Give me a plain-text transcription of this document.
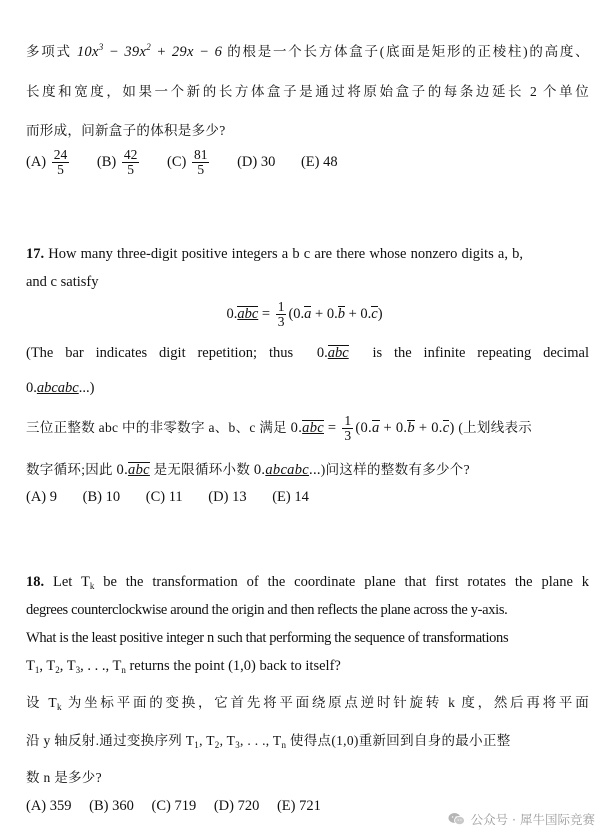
多项式 $10x^3 - 39x^2 + 29x - 6$ 的根是一个长方体盒子(底面是矩形的正棱柱)的高度、
长度和宽度，如果一个新的长方体盒子是通过将原始盒子的每条边延长 2 个单位
而形成，问新盒子的体积是多少?
$(A) \frac{24}{5} (B) \frac{42}{5} (C) \frac{81}{5} (D)$ 30 (E) 48
17. How many three-digit positive integers a b c are there whose nonzero digits a, b,
and c satisfy
$0.abc = \frac{1}{3} (0.a + 0.b + 0.c)$
(The bar indicates digit repetition; thus  0.abc is the infinite repeating decimal
0.abcabc...)
三位正整数 abc 中的非零数字 a、b、c 满足 $0.abc = \frac{1}{3} (0.a + 0.b + 0.c)$ (上划线表示
数字循环;因此 0.abc 是无限循环小数 0.abcabc...)问这样的整数有多少个?
(A) 9 (B) 10 (C) 11 (D) 13 (E) 14
18. Let $T_k$ be the transformation of the coordinate plane that first rotates the plane k
degrees counterclockwise around the origin and then reflects the plane across the y-axis.
What is the least positive integer n such that performing the sequence of transformations
$T_1$, $T_2$, $T_3$, . . ., $T_n$ returns the point (1,0) back to itself?
设 $T_k$ 为坐标平面的变换，它首先将平面绕原点逆时针旋转 k 度，然后再将平面
沿 y 轴反射.通过变换序列 $T_1$, $T_2$, $T_3$, . . ., $T_n$ 使得点(1,0)重新回到自身的最小正整
数 n 是多少?
(A) 359 (B) 360 (C) 719 (D) 720 (E) 721
公众号 · 犀牛国际竞赛
